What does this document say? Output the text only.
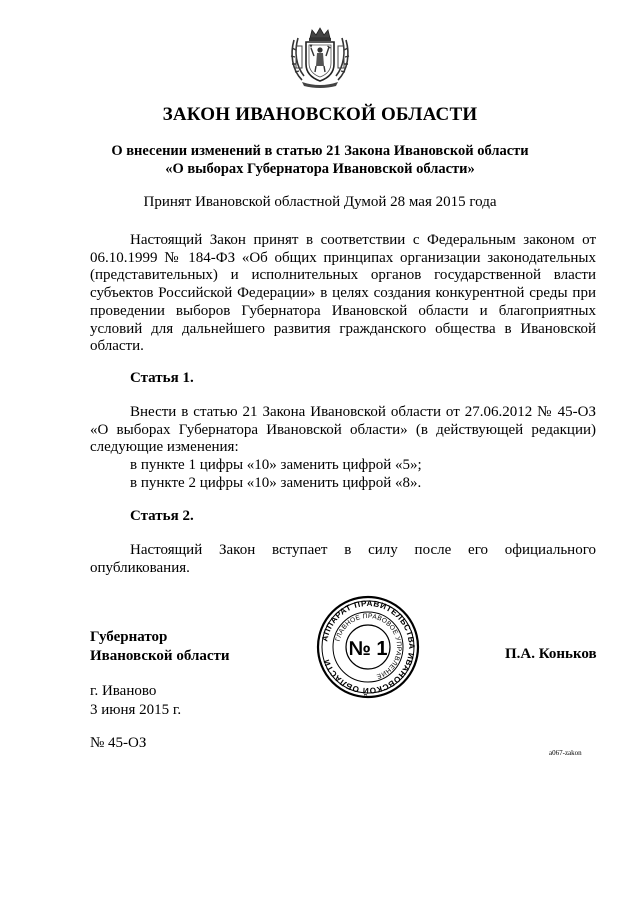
ЗАКОН ИВАНОВСКОЙ ОБЛАСТИ
О внесении изменений в статью 21 Закона Ивановской области
«О выборах Губернатора Ивановской области»
Принят Ивановской областной Думой 28 мая 2015 года

Настоящий Закон принят в соответствии с Федеральным законом от 06.10.1999 № 184-ФЗ «Об общих принципах организации законодательных (представительных) и исполнительных органов государственной власти субъектов Российской Федерации» в целях создания конкурентной среды при проведении выборов Губернатора Ивановской области и благоприятных условий для дальнейшего развития гражданского общества в Ивановской области.

Статья 1.

Внести в статью 21 Закона Ивановской области от 27.06.2012 № 45-ОЗ «О выборах Губернатора Ивановской области» (в действующей редакции) следующие изменения:

в пункте 1 цифры «10» заменить цифрой «5»;

в пункте 2 цифры «10» заменить цифрой «8».

Статья 2.

Настоящий Закон вступает в силу после его официального опубликования.

Губернатор
Ивановской области	П.А. Коньков
АППАРАТ ПРАВИТЕЛЬСТВА ИВАНОВСКОЙ ОБЛАСТИ
ГЛАВНОЕ ПРАВОВОЕ УПРАВЛЕНИЕ
№ 1
г. Иваново
3 июня 2015 г.
№ 45-ОЗ
a067-zakon
